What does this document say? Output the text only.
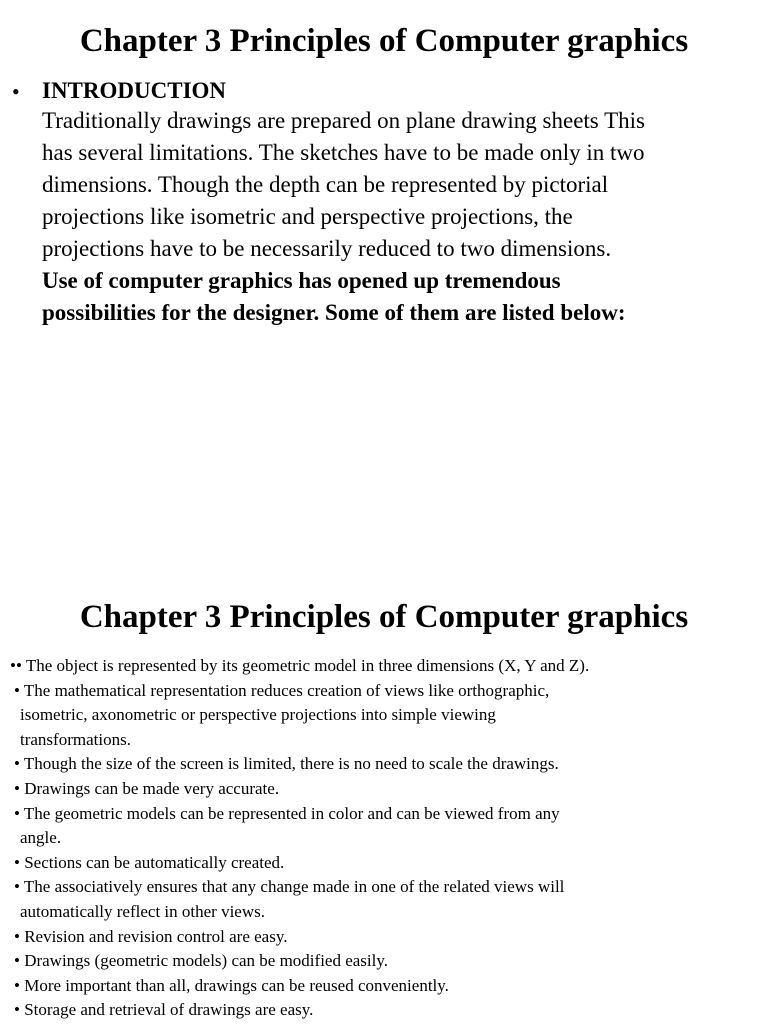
Chapter 3 Principles of Computer graphics
• INTRODUCTION
Traditionally drawings are prepared on plane drawing sheets This
has several limitations. The sketches have to be made only in two
dimensions. Though the depth can be represented by pictorial
projections like isometric and perspective projections, the
projections have to be necessarily reduced to two dimensions.
Use of computer graphics has opened up tremendous
possibilities for the designer. Some of them are listed below:
Chapter 3 Principles of Computer graphics
•• The object is represented by its geometric model in three dimensions (X, Y and Z).
• The mathematical representation reduces creation of views like orthographic,
isometric, axonometric or perspective projections into simple viewing
transformations.
• Though the size of the screen is limited, there is no need to scale the drawings.
• Drawings can be made very accurate.
• The geometric models can be represented in color and can be viewed from any
angle.
• Sections can be automatically created.
• The associatively ensures that any change made in one of the related views will
automatically reflect in other views.
• Revision and revision control are easy.
• Drawings (geometric models) can be modified easily.
• More important than all, drawings can be reused conveniently.
• Storage and retrieval of drawings are easy.
